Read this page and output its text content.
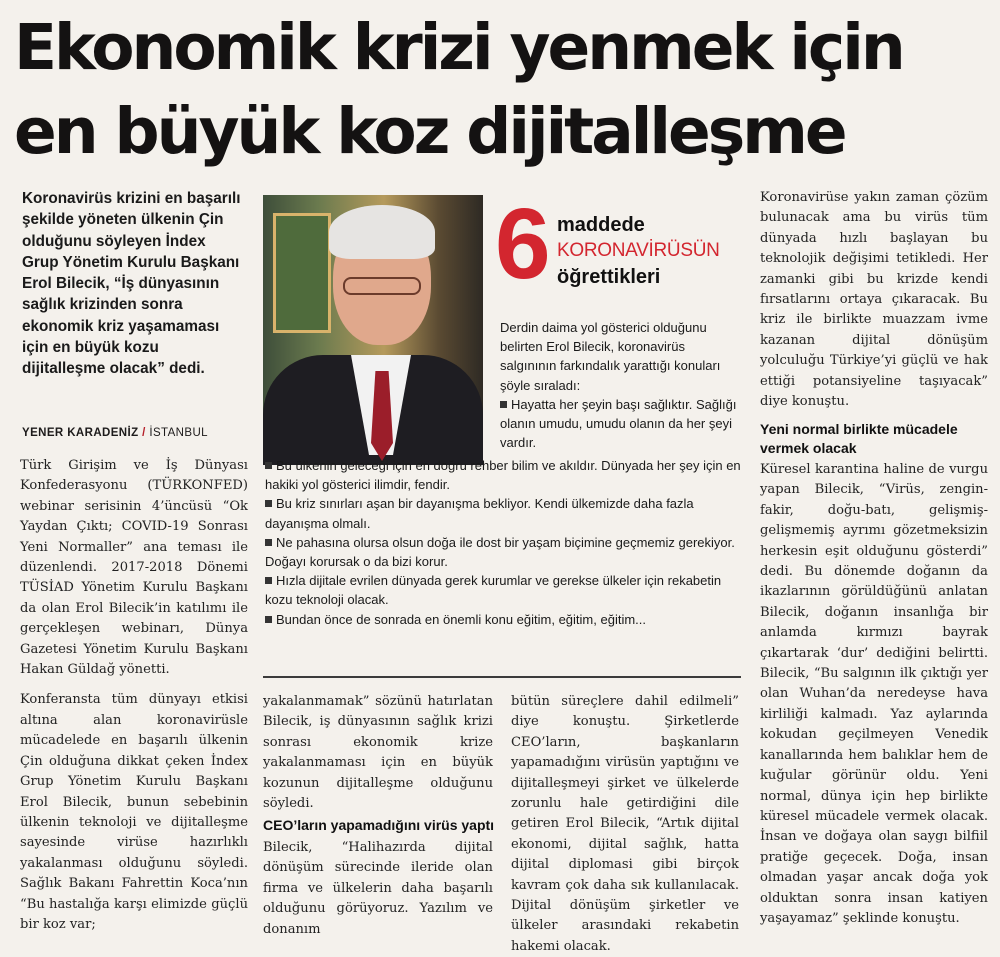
Ekonomik krizi yenmek için
en büyük koz dijitalleşme
Koronavirüs krizini en başarılı şekilde yöneten ülkenin Çin olduğunu söyleyen İndex Grup Yönetim Kurulu Başkanı Erol Bilecik, “İş dünyasının sağlık krizinden sonra ekonomik kriz yaşamaması için en büyük kozu dijitalleşme olacak” dedi.
YENER KARADENİZ / İSTANBUL

Türk Girişim ve İş Dünyası Konfederasyonu (TÜRKONFED) webinar serisinin 4’üncüsü “Ok Yaydan Çıktı; COVID-19 Sonrası Yeni Normaller” ana teması ile düzenlendi. 2017-2018 Dönemi TÜSİAD Yönetim Kurulu Başkanı da olan Erol Bilecik’in katılımı ile gerçekleşen webinarı, Dünya Gazetesi Yönetim Kurulu Başkanı Hakan Güldağ yönetti.

Konferansta tüm dünyayı etkisi altına alan koronavirüsle mücadelede en başarılı ülkenin Çin olduğuna dikkat çeken İndex Grup Yönetim Kurulu Başkanı Erol Bilecik, bunun sebebinin ülkenin teknoloji ve dijitalleşme sayesinde virüse hazırlıklı yakalanması olduğunu söyledi. Sağlık Bakanı Fahrettin Koca’nın “Bu hastalığa karşı elimizde güçlü bir koz var;

6 maddede
KORONAVİRÜSÜN
öğrettikleri
Derdin daima yol gösterici olduğunu belirten Erol Bilecik, koronavirüs salgınının farkındalık yarattığı konuları şöyle sıraladı:
Hayatta her şeyin başı sağlıktır. Sağlığı olanın umudu, umudu olanın da her şeyi vardır.
Bu ülkenin geleceği için en doğru rehber bilim ve akıldır. Dünyada her şey için en hakiki yol gösterici ilimdir, fendir.
Bu kriz sınırları aşan bir dayanışma bekliyor. Kendi ülkemizde daha fazla dayanışma olmalı.
Ne pahasına olursa olsun doğa ile dost bir yaşam biçimine geçmemiz gerekiyor. Doğayı korursak o da bizi korur.
Hızla dijitale evrilen dünyada gerek kurumlar ve gerekse ülkeler için rekabetin kozu teknoloji olacak.
Bundan önce de sonrada en önemli konu eğitim, eğitim, eğitim...

yakalanmamak” sözünü hatırlatan Bilecik, iş dünyasının sağlık krizi sonrası ekonomik krize yakalanmaması için en büyük kozunun dijitalleşme olduğunu söyledi.

CEO’ların yapamadığını virüs yaptı

Bilecik, “Halihazırda dijital dönüşüm sürecinde ileride olan firma ve ülkelerin daha başarılı olduğunu görüyoruz. Yazılım ve donanım

bütün süreçlere dahil edilmeli” diye konuştu. Şirketlerde CEO’ların, başkanların yapamadığını virüsün yaptığını ve dijitalleşmeyi şirket ve ülkelerde zorunlu hale getirdiğini dile getiren Erol Bilecik, “Artık dijital ekonomi, dijital sağlık, hatta dijital diplomasi gibi birçok kavram çok daha sık kullanılacak. Dijital dönüşüm şirketler ve ülkeler arasındaki rekabetin hakemi olacak.

Koronavirüse yakın zaman çözüm bulunacak ama bu virüs tüm dünyada hızlı başlayan bu teknolojik değişimi tetikledi. Her zamanki gibi bu krizde kendi fırsatlarını ortaya çıkaracak. Bu kriz ile birlikte muazzam ivme kazanan dijital dönüşüm yolculuğu Türkiye’yi güçlü ve hak ettiği potansiyeline taşıyacak” diye konuştu.

Yeni normal birlikte mücadele vermek olacak

Küresel karantina haline de vurgu yapan Bilecik, “Virüs, zengin-fakir, doğu-batı, gelişmiş-gelişmemiş ayrımı gözetmeksizin herkesin eşit olduğunu gösterdi” dedi. Bu dönemde doğanın da ikazlarının görüldüğünü anlatan Bilecik, doğanın insanlığa bir anlamda kırmızı bayrak çıkartarak ‘dur’ dediğini belirtti. Bilecik, “Bu salgının ilk çıktığı yer olan Wuhan’da neredeyse hava kirliliği kalmadı. Yaz aylarında kokudan geçilmeyen Venedik kanallarında hem balıklar hem de kuğular görünür oldu. Yeni normal, dünya için hep birlikte küresel mücadele vermek olacak. İnsan ve doğaya olan saygı bilfiil pratiğe geçecek. Doğa, insan olmadan yaşar ancak doğa yok olduktan sonra insan katiyen yaşayamaz” şeklinde konuştu.
